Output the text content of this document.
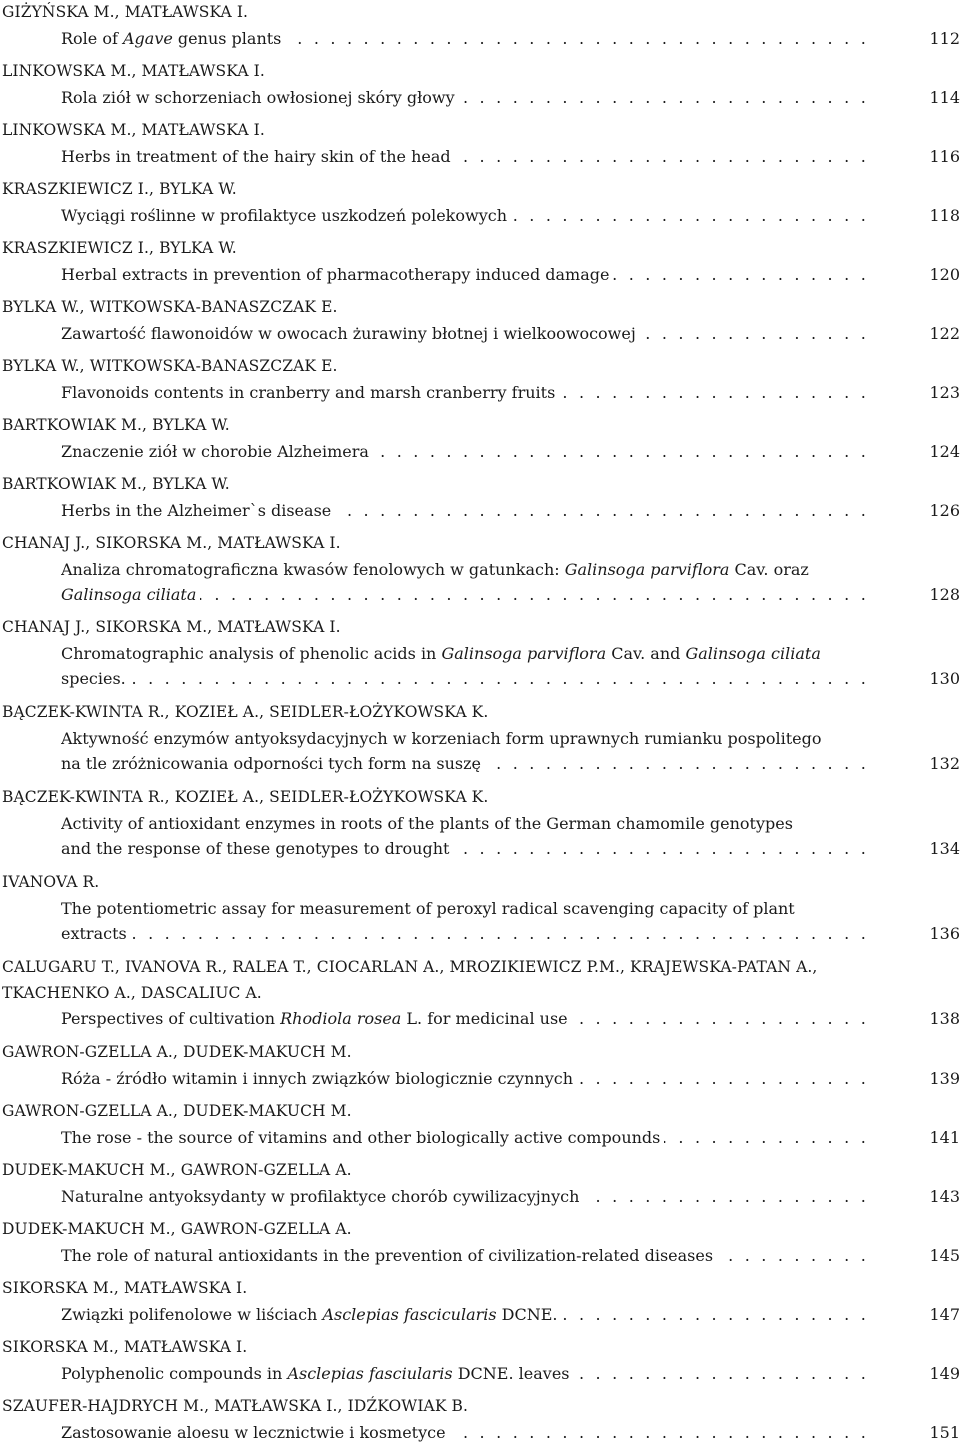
GIŻYŃSKA M., MATŁAWSKA I.
Role of Agave genus plants . . .	112
LINKOWSKA M., MATŁAWSKA I.
Rola ziół w schorzeniach owłosionej skóry głowy . . .	114
LINKOWSKA M., MATŁAWSKA I.
Herbs in treatment of the hairy skin of the head . . .	116
KRASZKIEWICZ I., BYLKA W.
Wyciągi roślinne w profilaktyce uszkodzeń polekowych . . .	118
KRASZKIEWICZ I., BYLKA W.
Herbal extracts in prevention of pharmacotherapy induced damage . . .	120
BYLKA W., WITKOWSKA-BANASZCZAK E.
Zawartość flawonoidów w owocach żurawiny błotnej i wielkoowocowej . . .	122
BYLKA W., WITKOWSKA-BANASZCZAK E.
Flavonoids contents in cranberry and marsh cranberry fruits . . .	123
BARTKOWIAK M., BYLKA W.
Znaczenie ziół w chorobie Alzheimera . . .	124
BARTKOWIAK M., BYLKA W.
Herbs in the Alzheimer`s disease . . .	126
CHANAJ J., SIKORSKA M., MATŁAWSKA I.
Analiza chromatograficzna kwasów fenolowych w gatunkach: Galinsoga parviflora Cav. oraz
Galinsoga ciliata . . .	128
CHANAJ J., SIKORSKA M., MATŁAWSKA I.
Chromatographic analysis of phenolic acids in Galinsoga parviflora Cav. and Galinsoga ciliata
species. . . .	130
BĄCZEK-KWINTA R., KOZIEŁ A., SEIDLER-ŁOŻYKOWSKA K.
Aktywność enzymów antyoksydacyjnych w korzeniach form uprawnych rumianku pospolitego
na tle zróżnicowania odporności tych form na suszę . . .	132
BĄCZEK-KWINTA R., KOZIEŁ A., SEIDLER-ŁOŻYKOWSKA K.
Activity of antioxidant enzymes in roots of the plants of the German chamomile genotypes
and the response of these genotypes to drought . . .	134
IVANOVA R.
The potentiometric assay for measurement of peroxyl radical scavenging capacity of plant
extracts . . .	136
CALUGARU T., IVANOVA R., RALEA T., CIOCARLAN A., MROZIKIEWICZ P.M., KRAJEWSKA-PATAN A.,
TKACHENKO A., DASCALIUC A.
Perspectives of cultivation Rhodiola rosea L. for medicinal use . . .	138
GAWRON-GZELLA A., DUDEK-MAKUCH M.
Róża - źródło witamin i innych związków biologicznie czynnych . . .	139
GAWRON-GZELLA A., DUDEK-MAKUCH M.
The rose - the source of vitamins and other biologically active compounds . . .	141
DUDEK-MAKUCH M., GAWRON-GZELLA A.
Naturalne antyoksydanty w profilaktyce chorób cywilizacyjnych . . .	143
DUDEK-MAKUCH M., GAWRON-GZELLA A.
The role of natural antioxidants in the prevention of civilization-related diseases . . .	145
SIKORSKA M., MATŁAWSKA I.
Związki polifenolowe w liściach Asclepias fascicularis DCNE. . . .	147
SIKORSKA M., MATŁAWSKA I.
Polyphenolic compounds in Asclepias fasciularis DCNE. leaves . . .	149
SZAUFER-HAJDRYCH M., MATŁAWSKA I., IDŹKOWIAK B.
Zastosowanie aloesu w lecznictwie i kosmetyce . . .	151
